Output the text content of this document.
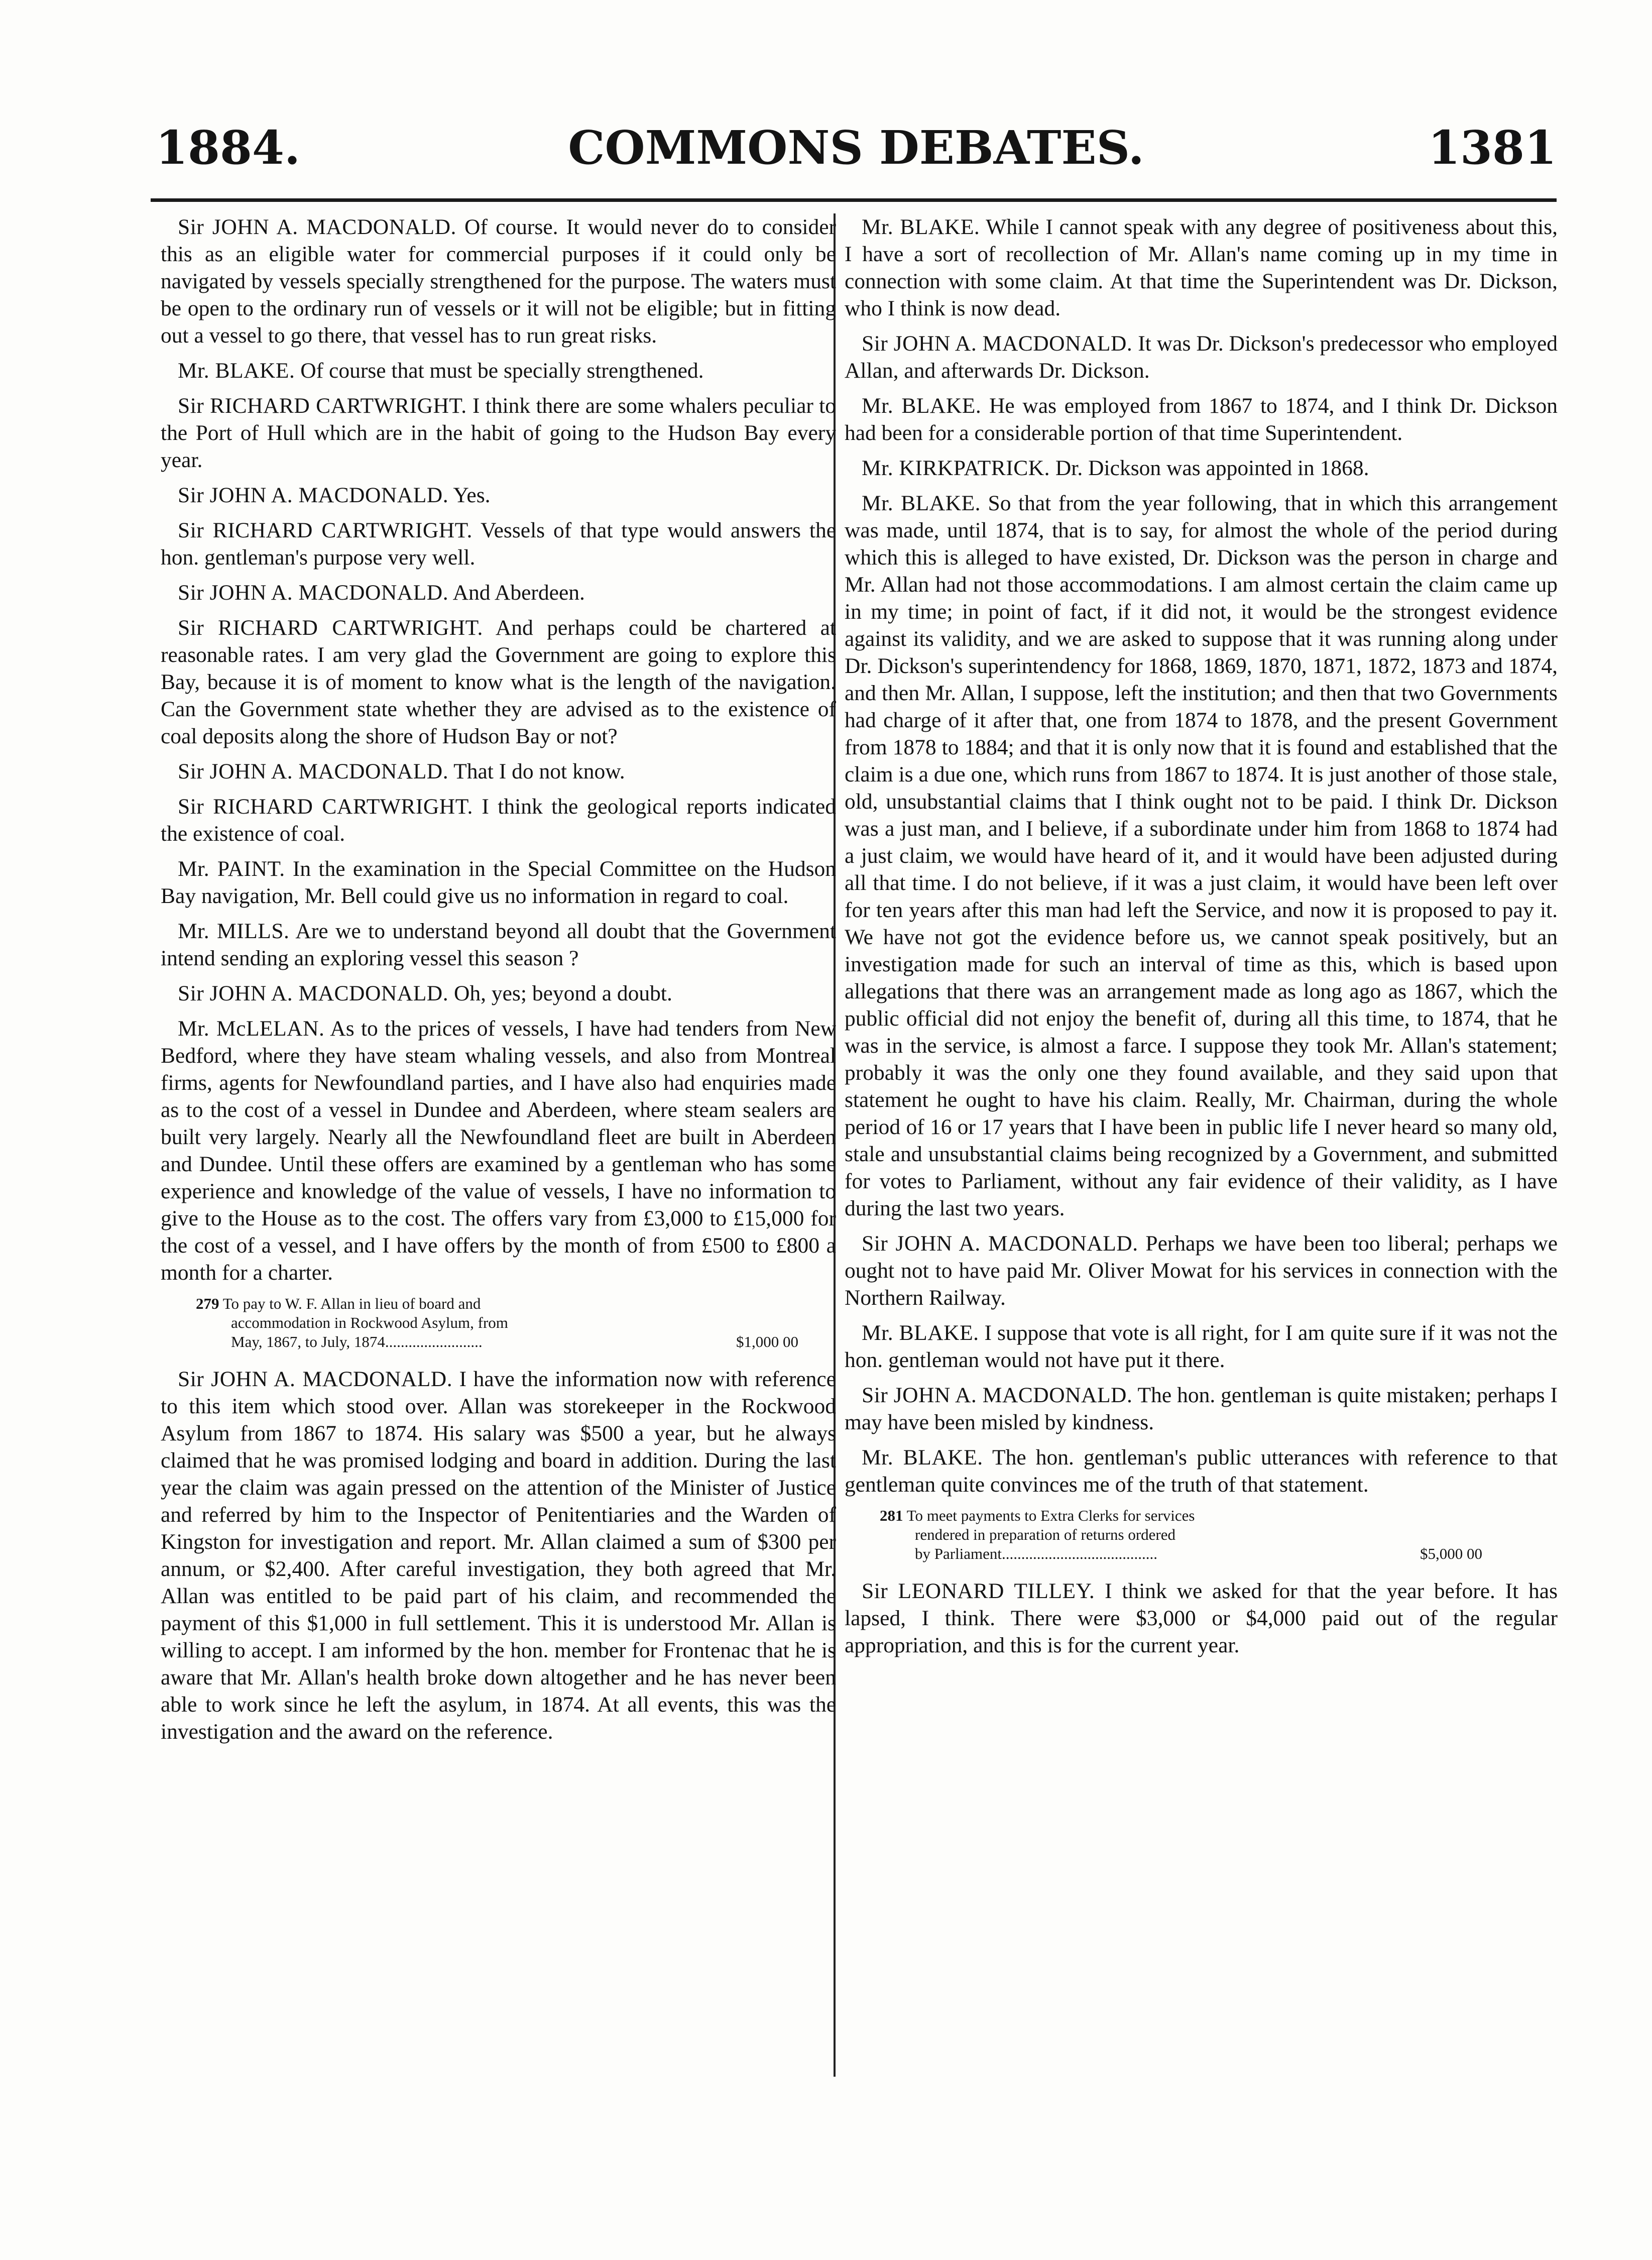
1884.	COMMONS DEBATES.	1381

Sir JOHN A. MACDONALD. Of course. It would never do to consider this as an eligible water for commercial purposes if it could only be navigated by vessels specially strengthened for the purpose. The waters must be open to the ordinary run of vessels or it will not be eligible; but in fitting out a vessel to go there, that vessel has to run great risks.

Mr. BLAKE. Of course that must be specially strengthened.

Sir RICHARD CARTWRIGHT. I think there are some whalers peculiar to the Port of Hull which are in the habit of going to the Hudson Bay every year.

Sir JOHN A. MACDONALD. Yes.

Sir RICHARD CARTWRIGHT. Vessels of that type would answers the hon. gentleman's purpose very well.

Sir JOHN A. MACDONALD. And Aberdeen.

Sir RICHARD CARTWRIGHT. And perhaps could be chartered at reasonable rates. I am very glad the Government are going to explore this Bay, because it is of moment to know what is the length of the navigation. Can the Government state whether they are advised as to the existence of coal deposits along the shore of Hudson Bay or not?

Sir JOHN A. MACDONALD. That I do not know.

Sir RICHARD CARTWRIGHT. I think the geological reports indicated the existence of coal.

Mr. PAINT. In the examination in the Special Committee on the Hudson Bay navigation, Mr. Bell could give us no information in regard to coal.

Mr. MILLS. Are we to understand beyond all doubt that the Government intend sending an exploring vessel this season ?

Sir JOHN A. MACDONALD. Oh, yes; beyond a doubt.

Mr. McLELAN. As to the prices of vessels, I have had tenders from New Bedford, where they have steam whaling vessels, and also from Montreal firms, agents for Newfoundland parties, and I have also had enquiries made as to the cost of a vessel in Dundee and Aberdeen, where steam sealers are built very largely. Nearly all the Newfoundland fleet are built in Aberdeen and Dundee. Until these offers are examined by a gentleman who has some experience and knowledge of the value of vessels, I have no information to give to the House as to the cost. The offers vary from £3,000 to £15,000 for the cost of a vessel, and I have offers by the month of from £500 to £800 a month for a charter.

279 To pay to W. F. Allan in lieu of board and
accommodation in Rockwood Asylum, from
May, 1867, to July, 1874.........................	$1,000 00

Sir JOHN A. MACDONALD. I have the information now with reference to this item which stood over. Allan was storekeeper in the Rockwood Asylum from 1867 to 1874. His salary was $500 a year, but he always claimed that he was promised lodging and board in addition. During the last year the claim was again pressed on the attention of the Minister of Justice and referred by him to the Inspector of Penitentiaries and the Warden of Kingston for investigation and report. Mr. Allan claimed a sum of $300 per annum, or $2,400. After careful investigation, they both agreed that Mr. Allan was entitled to be paid part of his claim, and recommended the payment of this $1,000 in full settlement. This it is understood Mr. Allan is willing to accept. I am informed by the hon. member for Frontenac that he is aware that Mr. Allan's health broke down altogether and he has never been able to work since he left the asylum, in 1874. At all events, this was the investigation and the award on the reference.

Mr. BLAKE. While I cannot speak with any degree of positiveness about this, I have a sort of recollection of Mr. Allan's name coming up in my time in connection with some claim. At that time the Superintendent was Dr. Dickson, who I think is now dead.

Sir JOHN A. MACDONALD. It was Dr. Dickson's predecessor who employed Allan, and afterwards Dr. Dickson.

Mr. BLAKE. He was employed from 1867 to 1874, and I think Dr. Dickson had been for a considerable portion of that time Superintendent.

Mr. KIRKPATRICK. Dr. Dickson was appointed in 1868.

Mr. BLAKE. So that from the year following, that in which this arrangement was made, until 1874, that is to say, for almost the whole of the period during which this is alleged to have existed, Dr. Dickson was the person in charge and Mr. Allan had not those accommodations. I am almost certain the claim came up in my time; in point of fact, if it did not, it would be the strongest evidence against its validity, and we are asked to suppose that it was running along under Dr. Dickson's superintendency for 1868, 1869, 1870, 1871, 1872, 1873 and 1874, and then Mr. Allan, I suppose, left the institution; and then that two Governments had charge of it after that, one from 1874 to 1878, and the present Government from 1878 to 1884; and that it is only now that it is found and established that the claim is a due one, which runs from 1867 to 1874. It is just another of those stale, old, unsubstantial claims that I think ought not to be paid. I think Dr. Dickson was a just man, and I believe, if a subordinate under him from 1868 to 1874 had a just claim, we would have heard of it, and it would have been adjusted during all that time. I do not believe, if it was a just claim, it would have been left over for ten years after this man had left the Service, and now it is proposed to pay it. We have not got the evidence before us, we cannot speak positively, but an investigation made for such an interval of time as this, which is based upon allegations that there was an arrangement made as long ago as 1867, which the public official did not enjoy the benefit of, during all this time, to 1874, that he was in the service, is almost a farce. I suppose they took Mr. Allan's statement; probably it was the only one they found available, and they said upon that statement he ought to have his claim. Really, Mr. Chairman, during the whole period of 16 or 17 years that I have been in public life I never heard so many old, stale and unsubstantial claims being recognized by a Government, and submitted for votes to Parliament, without any fair evidence of their validity, as I have during the last two years.

Sir JOHN A. MACDONALD. Perhaps we have been too liberal; perhaps we ought not to have paid Mr. Oliver Mowat for his services in connection with the Northern Railway.

Mr. BLAKE. I suppose that vote is all right, for I am quite sure if it was not the hon. gentleman would not have put it there.

Sir JOHN A. MACDONALD. The hon. gentleman is quite mistaken; perhaps I may have been misled by kindness.

Mr. BLAKE. The hon. gentleman's public utterances with reference to that gentleman quite convinces me of the truth of that statement.

281 To meet payments to Extra Clerks for services
rendered in preparation of returns ordered
by Parliament........................................	$5,000 00

Sir LEONARD TILLEY. I think we asked for that the year before. It has lapsed, I think. There were $3,000 or $4,000 paid out of the regular appropriation, and this is for the current year.
